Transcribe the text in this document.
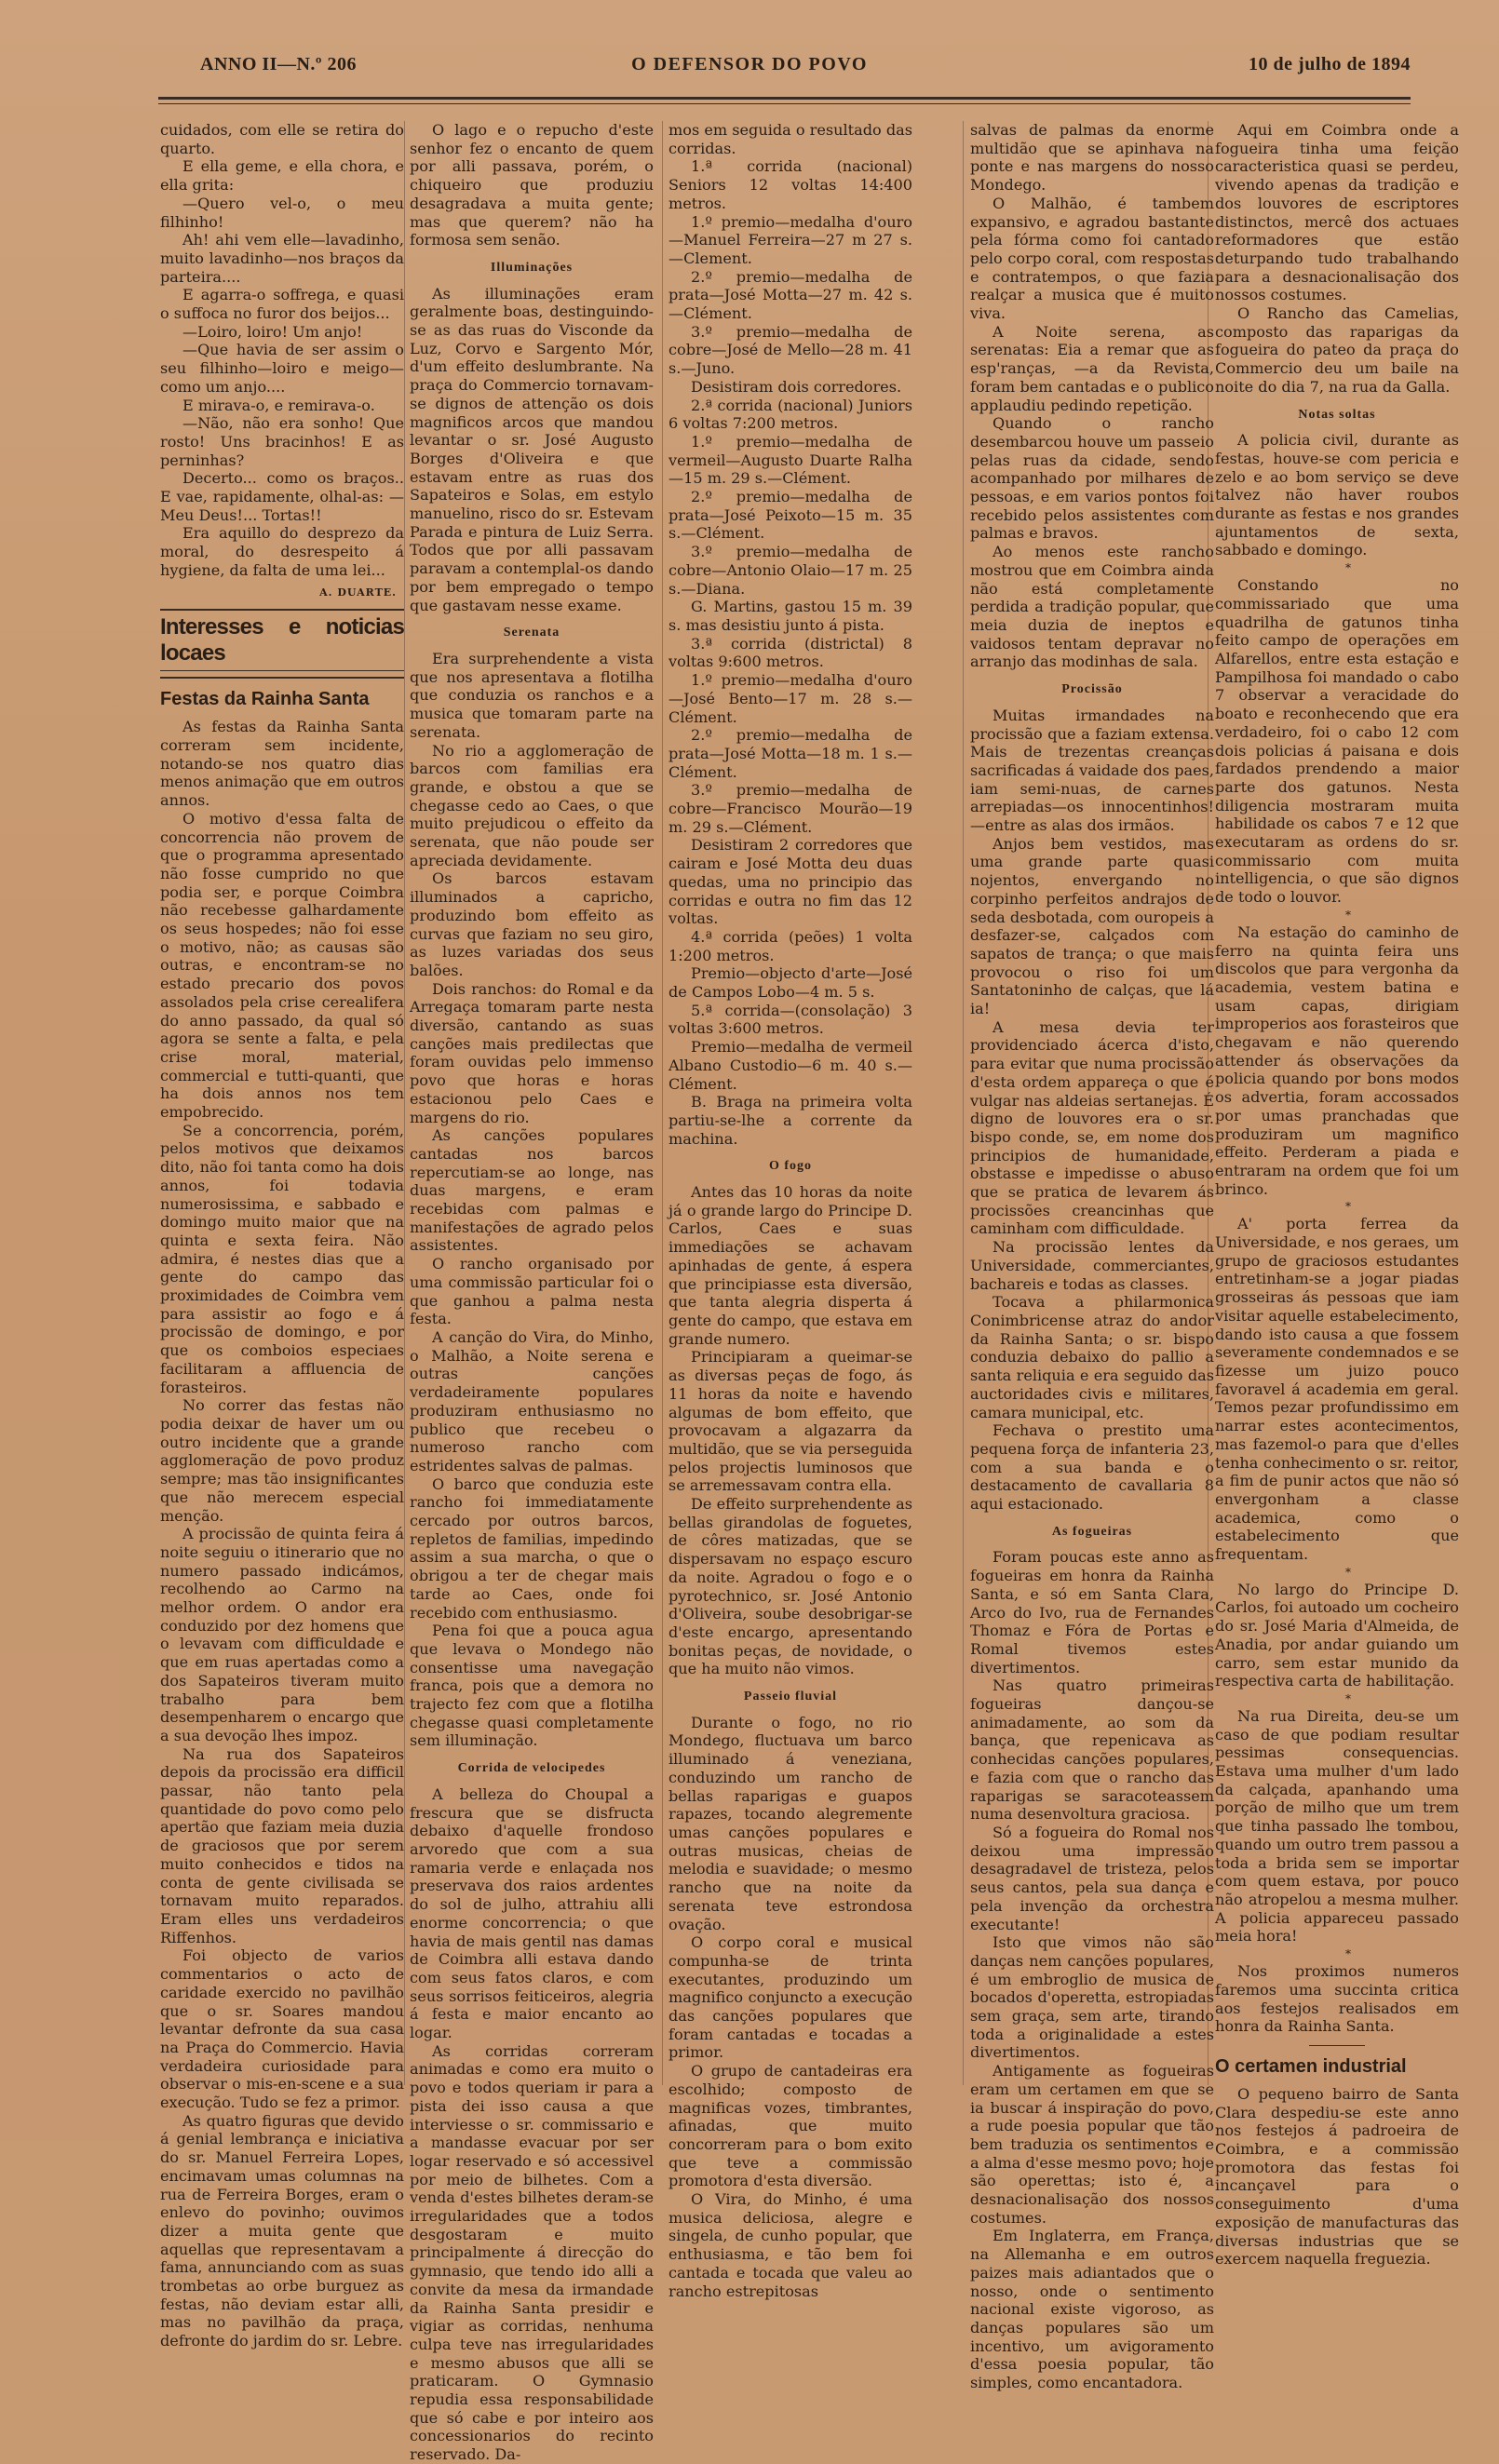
ANNO II—N.º 206	O DEFENSOR DO POVO	10 de julho de 1894

cuidados, com elle se retira do quarto.

E ella geme, e ella chora, e ella grita:

—Quero vel-o, o meu filhinho!

Ah! ahi vem elle—lavadinho, muito lavadinho—nos braços da parteira....

E agarra-o soffrega, e quasi o suffoca no furor dos beijos...

—Loiro, loiro! Um anjo!

—Que havia de ser assim o seu filhinho—loiro e meigo—como um anjo....

E mirava-o, e remirava-o.

—Não, não era sonho! Que rosto! Uns bracinhos! E as perninhas?

Decerto... como os braços.. E vae, rapidamente, olhal-as: —Meu Deus!... Tortas!!

Era aquillo do desprezo da moral, do desrespeito á hygiene, da falta de uma lei...

A. DUARTE.
Interesses e noticias locaes
Festas da Rainha Santa

As festas da Rainha Santa correram sem incidente, notando-se nos quatro dias menos animação que em outros annos.

O motivo d'essa falta de concorrencia não provem de que o programma apresentado não fosse cumprido no que podia ser, e porque Coimbra não recebesse galhardamente os seus hospedes; não foi esse o motivo, não; as causas são outras, e encontram-se no estado precario dos povos assolados pela crise cerealifera do anno passado, da qual só agora se sente a falta, e pela crise moral, material, commercial e tutti-quanti, que ha dois annos nos tem empobrecido.

Se a concorrencia, porém, pelos motivos que deixamos dito, não foi tanta como ha dois annos, foi todavia numerosissima, e sabbado e domingo muito maior que na quinta e sexta feira. Não admira, é nestes dias que a gente do campo das proximidades de Coimbra vem para assistir ao fogo e á procissão de domingo, e por que os comboios especiaes facilitaram a affluencia de forasteiros.

No correr das festas não podia deixar de haver um ou outro incidente que a grande agglomeração de povo produz sempre; mas tão insignificantes que não merecem especial menção.

A procissão de quinta feira á noite seguiu o itinerario que no numero passado indicámos, recolhendo ao Carmo na melhor ordem. O andor era conduzido por dez homens que o levavam com difficuldade e que em ruas apertadas como a dos Sapateiros tiveram muito trabalho para bem desempenharem o encargo que a sua devoção lhes impoz.

Na rua dos Sapateiros depois da procissão era difficil passar, não tanto pela quantidade do povo como pelo apertão que faziam meia duzia de graciosos que por serem muito conhecidos e tidos na conta de gente civilisada se tornavam muito reparados. Eram elles uns verdadeiros Riffenhos.

Foi objecto de varios commentarios o acto de caridade exercido no pavilhão que o sr. Soares mandou levantar defronte da sua casa na Praça do Commercio. Havia verdadeira curiosidade para observar o mis-en-scene e a sua execução. Tudo se fez a primor.

As quatro figuras que devido á genial lembrança e iniciativa do sr. Manuel Ferreira Lopes, encimavam umas columnas na rua de Ferreira Borges, eram o enlevo do povinho; ouvimos dizer a muita gente que aquellas que representavam a fama, annunciando com as suas trombetas ao orbe burguez as festas, não deviam estar alli, mas no pavilhão da praça, defronte do jardim do sr. Lebre.

O lago e o repucho d'este senhor fez o encanto de quem por alli passava, porém, o chiqueiro que produziu desagradava a muita gente; mas que querem? não ha formosa sem senão.

Illuminações

As illuminações eram geralmente boas, destinguindo-se as das ruas do Visconde da Luz, Corvo e Sargento Mór, d'um effeito deslumbrante. Na praça do Commercio tornavam-se dignos de attenção os dois magnificos arcos que mandou levantar o sr. José Augusto Borges d'Oliveira e que estavam entre as ruas dos Sapateiros e Solas, em estylo manuelino, risco do sr. Estevam Parada e pintura de Luiz Serra. Todos que por alli passavam paravam a contemplal-os dando por bem empregado o tempo que gastavam nesse exame.

Serenata

Era surprehendente a vista que nos apresentava a flotilha que conduzia os ranchos e a musica que tomaram parte na serenata.

No rio a agglomeração de barcos com familias era grande, e obstou a que se chegasse cedo ao Caes, o que muito prejudicou o effeito da serenata, que não poude ser apreciada devidamente.

Os barcos estavam illuminados a capricho, produzindo bom effeito as curvas que faziam no seu giro, as luzes variadas dos seus balões.

Dois ranchos: do Romal e da Arregaça tomaram parte nesta diversão, cantando as suas canções mais predilectas que foram ouvidas pelo immenso povo que horas e horas estacionou pelo Caes e margens do rio.

As canções populares cantadas nos barcos repercutiam-se ao longe, nas duas margens, e eram recebidas com palmas e manifestações de agrado pelos assistentes.

O rancho organisado por uma commissão particular foi o que ganhou a palma nesta festa.

A canção do Vira, do Minho, o Malhão, a Noite serena e outras canções verdadeiramente populares produziram enthusiasmo no publico que recebeu o numeroso rancho com estridentes salvas de palmas.

O barco que conduzia este rancho foi immediatamente cercado por outros barcos, repletos de familias, impedindo assim a sua marcha, o que o obrigou a ter de chegar mais tarde ao Caes, onde foi recebido com enthusiasmo.

Pena foi que a pouca agua que levava o Mondego não consentisse uma navegação franca, pois que a demora no trajecto fez com que a flotilha chegasse quasi completamente sem illuminação.

Corrida de velocipedes

A belleza do Choupal a frescura que se disfructa debaixo d'aquelle frondoso arvoredo que com a sua ramaria verde e enlaçada nos preservava dos raios ardentes do sol de julho, attrahiu alli enorme concorrencia; o que havia de mais gentil nas damas de Coimbra alli estava dando com seus fatos claros, e com seus sorrisos feiticeiros, alegria á festa e maior encanto ao logar.

As corridas correram animadas e como era muito o povo e todos queriam ir para a pista dei isso causa a que interviesse o sr. commissario e a mandasse evacuar por ser logar reservado e só accessivel por meio de bilhetes. Com a venda d'estes bilhetes deram-se irregularidades que a todos desgostaram e muito principalmente á direcção do gymnasio, que tendo ido alli a convite da mesa da irmandade da Rainha Santa presidir e vigiar as corridas, nenhuma culpa teve nas irregularidades e mesmo abusos que alli se praticaram. O Gymnasio repudia essa responsabilidade que só cabe e por inteiro aos concessionarios do recinto reservado. Da-

mos em seguida o resultado das corridas.

1.ª corrida (nacional) Seniors 12 voltas 14:400 metros.

1.º premio—medalha d'ouro—Manuel Ferreira—27 m 27 s.—Clement.

2.º premio—medalha de prata—José Motta—27 m. 42 s.—Clément.

3.º premio—medalha de cobre—José de Mello—28 m. 41 s.—Juno.

Desistiram dois corredores.

2.ª corrida (nacional) Juniors 6 voltas 7:200 metros.

1.º premio—medalha de vermeil—Augusto Duarte Ralha—15 m. 29 s.—Clément.

2.º premio—medalha de prata—José Peixoto—15 m. 35 s.—Clément.

3.º premio—medalha de cobre—Antonio Olaio—17 m. 25 s.—Diana.

G. Martins, gastou 15 m. 39 s. mas desistiu junto á pista.

3.ª corrida (districtal) 8 voltas 9:600 metros.

1.º premio—medalha d'ouro—José Bento—17 m. 28 s.—Clément.

2.º premio—medalha de prata—José Motta—18 m. 1 s.—Clément.

3.º premio—medalha de cobre—Francisco Mourão—19 m. 29 s.—Clément.

Desistiram 2 corredores que cairam e José Motta deu duas quedas, uma no principio das corridas e outra no fim das 12 voltas.

4.ª corrida (peões) 1 volta 1:200 metros.

Premio—objecto d'arte—José de Campos Lobo—4 m. 5 s.

5.ª corrida—(consolação) 3 voltas 3:600 metros.

Premio—medalha de vermeil Albano Custodio—6 m. 40 s.—Clément.

B. Braga na primeira volta partiu-se-lhe a corrente da machina.

O fogo

Antes das 10 horas da noite já o grande largo do Principe D. Carlos, Caes e suas immediações se achavam apinhadas de gente, á espera que principiasse esta diversão, que tanta alegria disperta á gente do campo, que estava em grande numero.

Principiaram a queimar-se as diversas peças de fogo, ás 11 horas da noite e havendo algumas de bom effeito, que provocavam a algazarra da multidão, que se via perseguida pelos projectis luminosos que se arremessavam contra ella.

De effeito surprehendente as bellas girandolas de foguetes, de côres matizadas, que se dispersavam no espaço escuro da noite. Agradou o fogo e o pyrotechnico, sr. José Antonio d'Oliveira, soube desobrigar-se d'este encargo, apresentando bonitas peças, de novidade, o que ha muito não vimos.

Passeio fluvial

Durante o fogo, no rio Mondego, fluctuava um barco illuminado á veneziana, conduzindo um rancho de bellas raparigas e guapos rapazes, tocando alegremente umas canções populares e outras musicas, cheias de melodia e suavidade; o mesmo rancho que na noite da serenata teve estrondosa ovação.

O corpo coral e musical compunha-se de trinta executantes, produzindo um magnifico conjuncto a execução das canções populares que foram cantadas e tocadas a primor.

O grupo de cantadeiras era escolhido; composto de magnificas vozes, timbrantes, afinadas, que muito concorreram para o bom exito que teve a commissão promotora d'esta diversão.

O Vira, do Minho, é uma musica deliciosa, alegre e singela, de cunho popular, que enthusiasma, e tão bem foi cantada e tocada que valeu ao rancho estrepitosas

salvas de palmas da enorme multidão que se apinhava na ponte e nas margens do nosso Mondego.

O Malhão, é tambem expansivo, e agradou bastante pela fórma como foi cantado pelo corpo coral, com respostas e contratempos, o que fazia realçar a musica que é muito viva.

A Noite serena, as serenatas: Eia a remar que as esp'ranças, —a da Revista, foram bem cantadas e o publico applaudiu pedindo repetição.

Quando o rancho desembarcou houve um passeio pelas ruas da cidade, sendo acompanhado por milhares de pessoas, e em varios pontos foi recebido pelos assistentes com palmas e bravos.

Ao menos este rancho mostrou que em Coimbra ainda não está completamente perdida a tradição popular, que meia duzia de ineptos e vaidosos tentam depravar no arranjo das modinhas de sala.

Procissão

Muitas irmandades na procissão que a faziam extensa. Mais de trezentas creanças sacrificadas á vaidade dos paes, iam semi-nuas, de carnes arrepiadas—os innocentinhos!—entre as alas dos irmãos.

Anjos bem vestidos, mas uma grande parte quasi nojentos, envergando no corpinho perfeitos andrajos de seda desbotada, com ouropeis a desfazer-se, calçados com sapatos de trança; o que mais provocou o riso foi um Santatoninho de calças, que lá ia!

A mesa devia ter providenciado ácerca d'isto, para evitar que numa procissão d'esta ordem appareça o que é vulgar nas aldeias sertanejas. É digno de louvores era o sr. bispo conde, se, em nome dos principios de humanidade, obstasse e impedisse o abuso que se pratica de levarem ás procissões creancinhas que caminham com difficuldade.

Na procissão lentes da Universidade, commerciantes, bachareis e todas as classes.

Tocava a philarmonica Conimbricense atraz do andor da Rainha Santa; o sr. bispo conduzia debaixo do pallio a santa reliquia e era seguido das auctoridades civis e militares, camara municipal, etc.

Fechava o prestito uma pequena força de infanteria 23, com a sua banda e o destacamento de cavallaria 8 aqui estacionado.

As fogueiras

Foram poucas este anno as fogueiras em honra da Rainha Santa, e só em Santa Clara, Arco do Ivo, rua de Fernandes Thomaz e Fóra de Portas e Romal tivemos estes divertimentos.

Nas quatro primeiras fogueiras dançou-se animadamente, ao som da bança, que repenicava as conhecidas canções populares, e fazia com que o rancho das raparigas se saracoteassem numa desenvoltura graciosa.

Só a fogueira do Romal nos deixou uma impressão desagradavel de tristeza, pelos seus cantos, pela sua dança e pela invenção da orchestra executante!

Isto que vimos não são danças nem canções populares, é um embroglio de musica de bocados d'operetta, estropiadas sem graça, sem arte, tirando toda a originalidade a estes divertimentos.

Antigamente as fogueiras eram um certamen em que se ia buscar á inspiração do povo, a rude poesia popular que tão bem traduzia os sentimentos e a alma d'esse mesmo povo; hoje são operettas; isto é, a desnacionalisação dos nossos costumes.

Em Inglaterra, em França, na Allemanha e em outros paizes mais adiantados que o nosso, onde o sentimento nacional existe vigoroso, as danças populares são um incentivo, um avigoramento d'essa poesia popular, tão simples, como encantadora.

Aqui em Coimbra onde a fogueira tinha uma feição caracteristica quasi se perdeu, vivendo apenas da tradição e dos louvores de escriptores distinctos, mercê dos actuaes reformadores que estão deturpando tudo trabalhando para a desnacionalisação dos nossos costumes.

O Rancho das Camelias, composto das raparigas da fogueira do pateo da praça do Commercio deu um baile na noite do dia 7, na rua da Galla.

Notas soltas

A policia civil, durante as festas, houve-se com pericia e zelo e ao bom serviço se deve talvez não haver roubos durante as festas e nos grandes ajuntamentos de sexta, sabbado e domingo.

*

Constando no commissariado que uma quadrilha de gatunos tinha feito campo de operações em Alfarellos, entre esta estação e Pampilhosa foi mandado o cabo 7 observar a veracidade do boato e reconhecendo que era verdadeiro, foi o cabo 12 com dois policias á paisana e dois fardados prendendo a maior parte dos gatunos. Nesta diligencia mostraram muita habilidade os cabos 7 e 12 que executaram as ordens do sr. commissario com muita intelligencia, o que são dignos de todo o louvor.

*

Na estação do caminho de ferro na quinta feira uns discolos que para vergonha da academia, vestem batina e usam capas, dirigiam improperios aos forasteiros que chegavam e não querendo attender ás observações da policia quando por bons modos os advertia, foram accossados por umas pranchadas que produziram um magnifico effeito. Perderam a piada e entraram na ordem que foi um brinco.

*

A' porta ferrea da Universidade, e nos geraes, um grupo de graciosos estudantes entretinham-se a jogar piadas grosseiras ás pessoas que iam visitar aquelle estabelecimento, dando isto causa a que fossem severamente condemnados e se fizesse um juizo pouco favoravel á academia em geral. Temos pezar profundissimo em narrar estes acontecimentos, mas fazemol-o para que d'elles tenha conhecimento o sr. reitor, a fim de punir actos que não só envergonham a classe academica, como o estabelecimento que frequentam.

*

No largo do Principe D. Carlos, foi autoado um cocheiro do sr. José Maria d'Almeida, de Anadia, por andar guiando um carro, sem estar munido da respectiva carta de habilitação.

*

Na rua Direita, deu-se um caso de que podiam resultar pessimas consequencias. Estava uma mulher d'um lado da calçada, apanhando uma porção de milho que um trem que tinha passado lhe tombou, quando um outro trem passou a toda a brida sem se importar com quem estava, por pouco não atropelou a mesma mulher. A policia appareceu passado meia hora!

*

Nos proximos numeros faremos uma succinta critica aos festejos realisados em honra da Rainha Santa.

O certamen industrial

O pequeno bairro de Santa Clara despediu-se este anno nos festejos á padroeira de Coimbra, e a commissão promotora das festas foi incançavel para o conseguimento d'uma exposição de manufacturas das diversas industrias que se exercem naquella freguezia.
